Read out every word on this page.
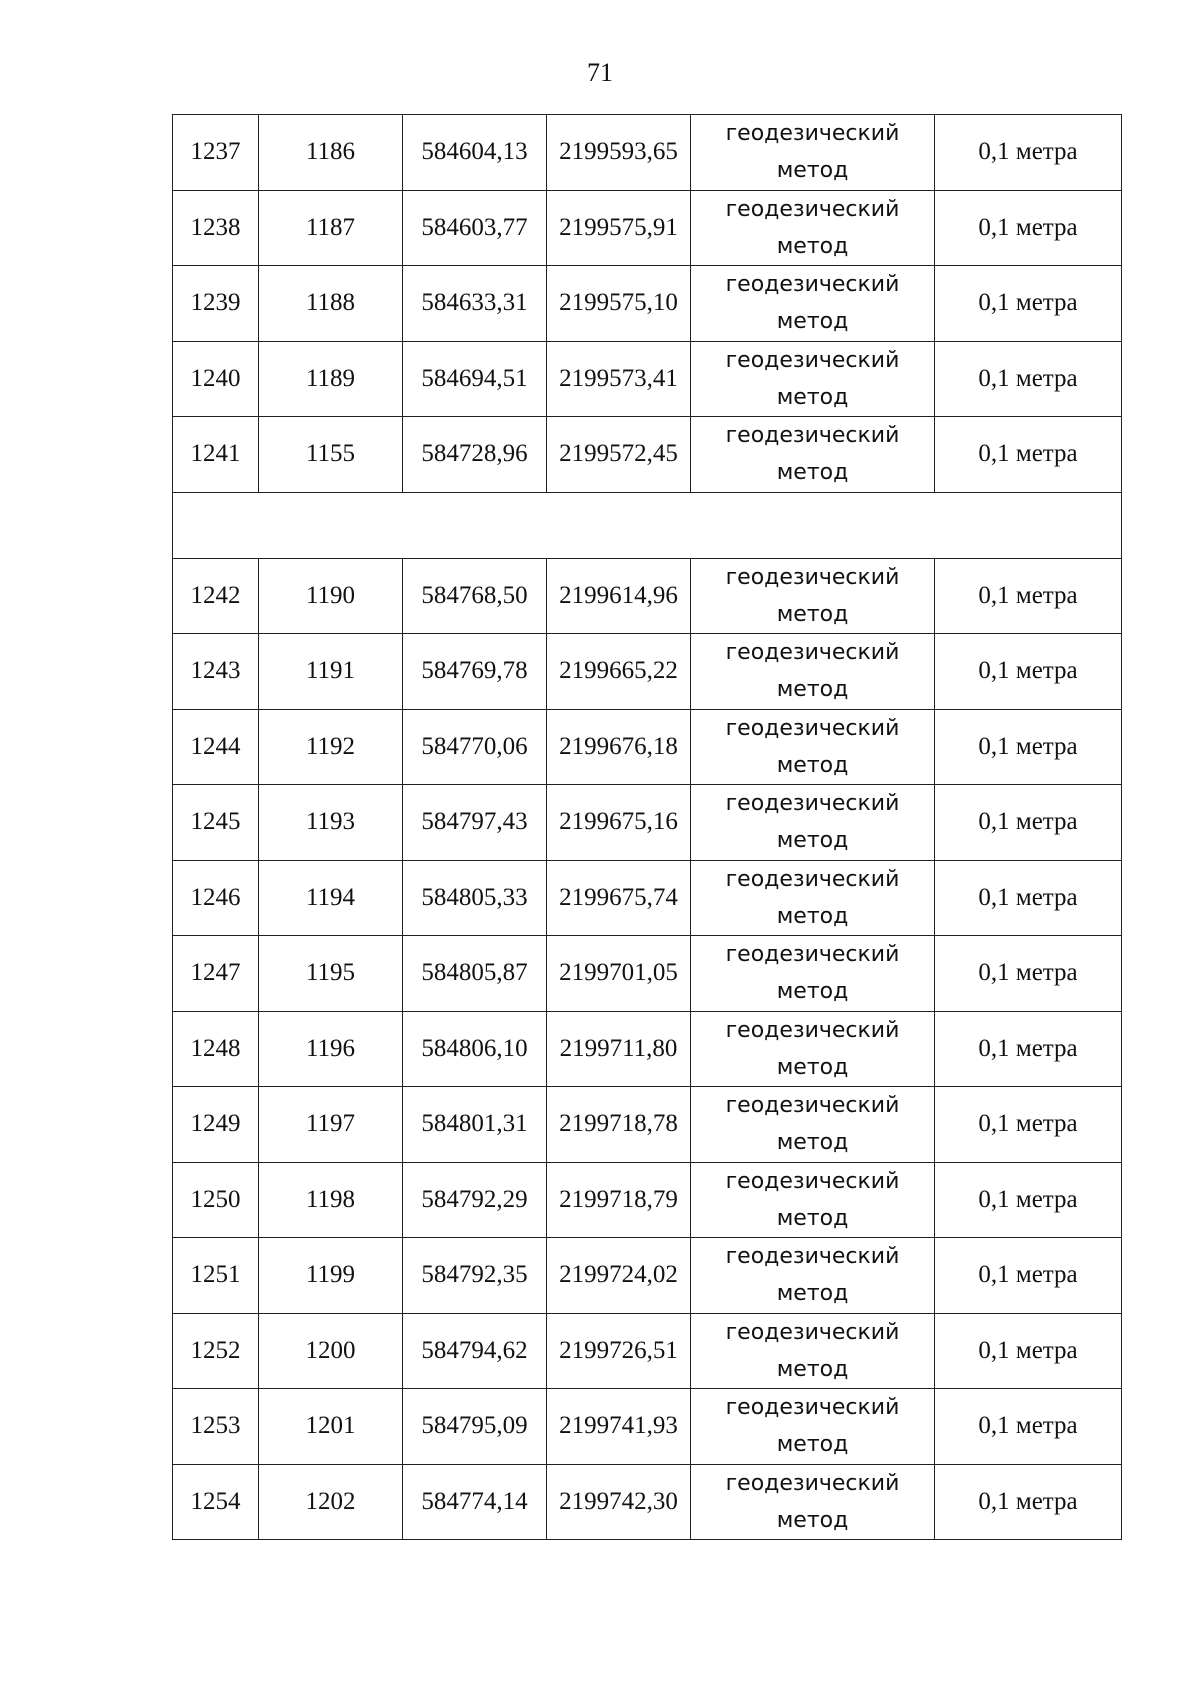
71
1237	1186	584604,13	2199593,65	геодезический
метод	0,1 метра
1238	1187	584603,77	2199575,91	геодезический
метод	0,1 метра
1239	1188	584633,31	2199575,10	геодезический
метод	0,1 метра
1240	1189	584694,51	2199573,41	геодезический
метод	0,1 метра
1241	1155	584728,96	2199572,45	геодезический
метод	0,1 метра

1242	1190	584768,50	2199614,96	геодезический
метод	0,1 метра
1243	1191	584769,78	2199665,22	геодезический
метод	0,1 метра
1244	1192	584770,06	2199676,18	геодезический
метод	0,1 метра
1245	1193	584797,43	2199675,16	геодезический
метод	0,1 метра
1246	1194	584805,33	2199675,74	геодезический
метод	0,1 метра
1247	1195	584805,87	2199701,05	геодезический
метод	0,1 метра
1248	1196	584806,10	2199711,80	геодезический
метод	0,1 метра
1249	1197	584801,31	2199718,78	геодезический
метод	0,1 метра
1250	1198	584792,29	2199718,79	геодезический
метод	0,1 метра
1251	1199	584792,35	2199724,02	геодезический
метод	0,1 метра
1252	1200	584794,62	2199726,51	геодезический
метод	0,1 метра
1253	1201	584795,09	2199741,93	геодезический
метод	0,1 метра
1254	1202	584774,14	2199742,30	геодезический
метод	0,1 метра
